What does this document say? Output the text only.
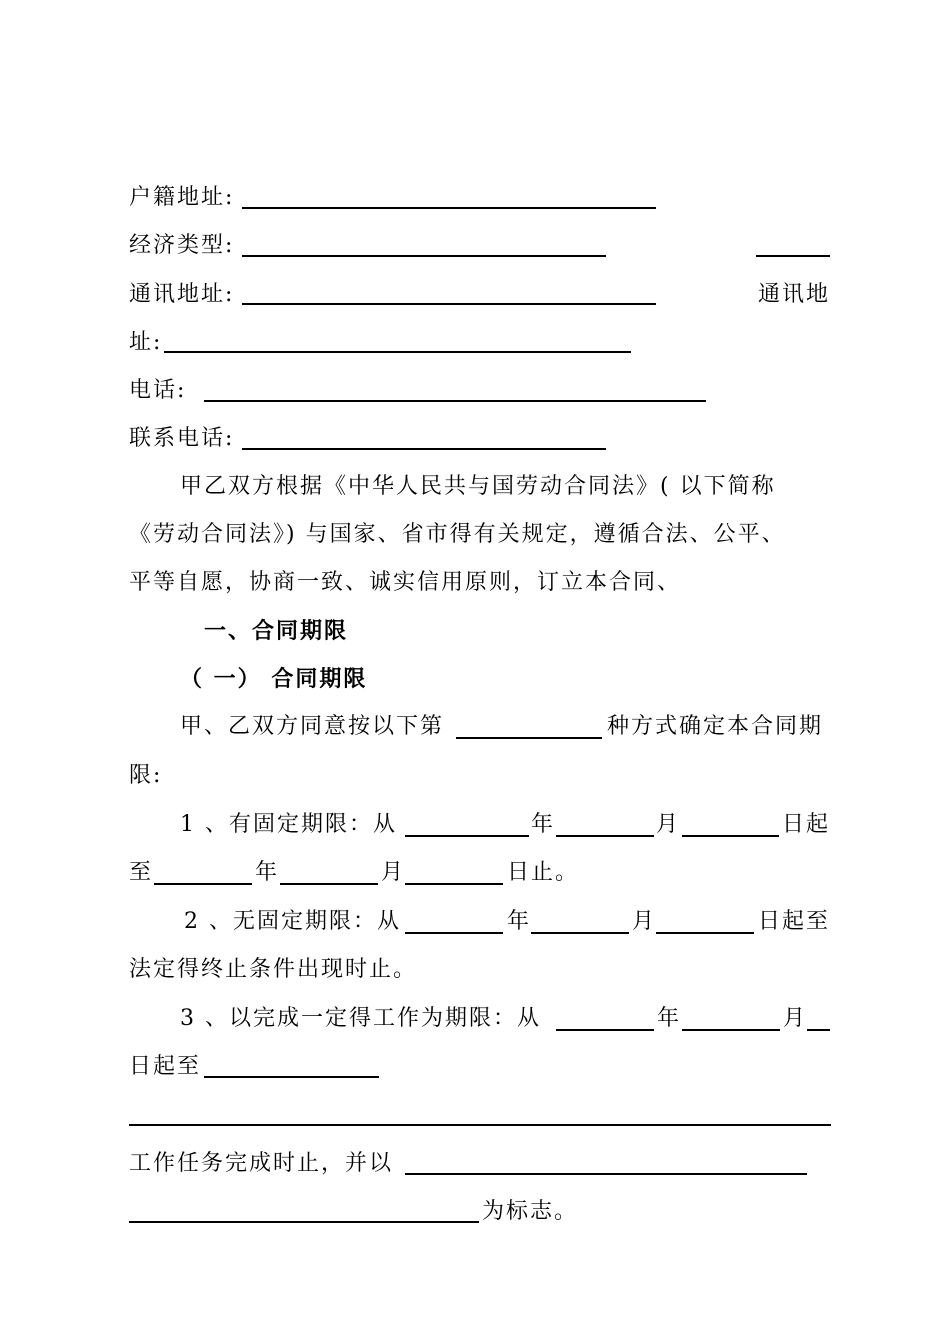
户籍地址:
经济类型:
通讯地址:	通讯地
址:
电话:
联系电话:
甲乙双方根据《中华人民共与国劳动合同法》( 以下简称
《劳动合同法》) 与国家、省市得有关规定，遵循合法、公平、
平等自愿，协商一致、诚实信用原则，订立本合同、
一、合同期限
（ 一） 合同期限
甲、乙双方同意按以下第	种方式确定本合同期
限:
1 、有固定期限：从	年	月	日起
至	年	月	日止。
2 、无固定期限：从	年	月	日起至
法定得终止条件出现时止。
3 、以完成一定得工作为期限：从	年	月
日起至
工作任务完成时止，并以
为标志。
